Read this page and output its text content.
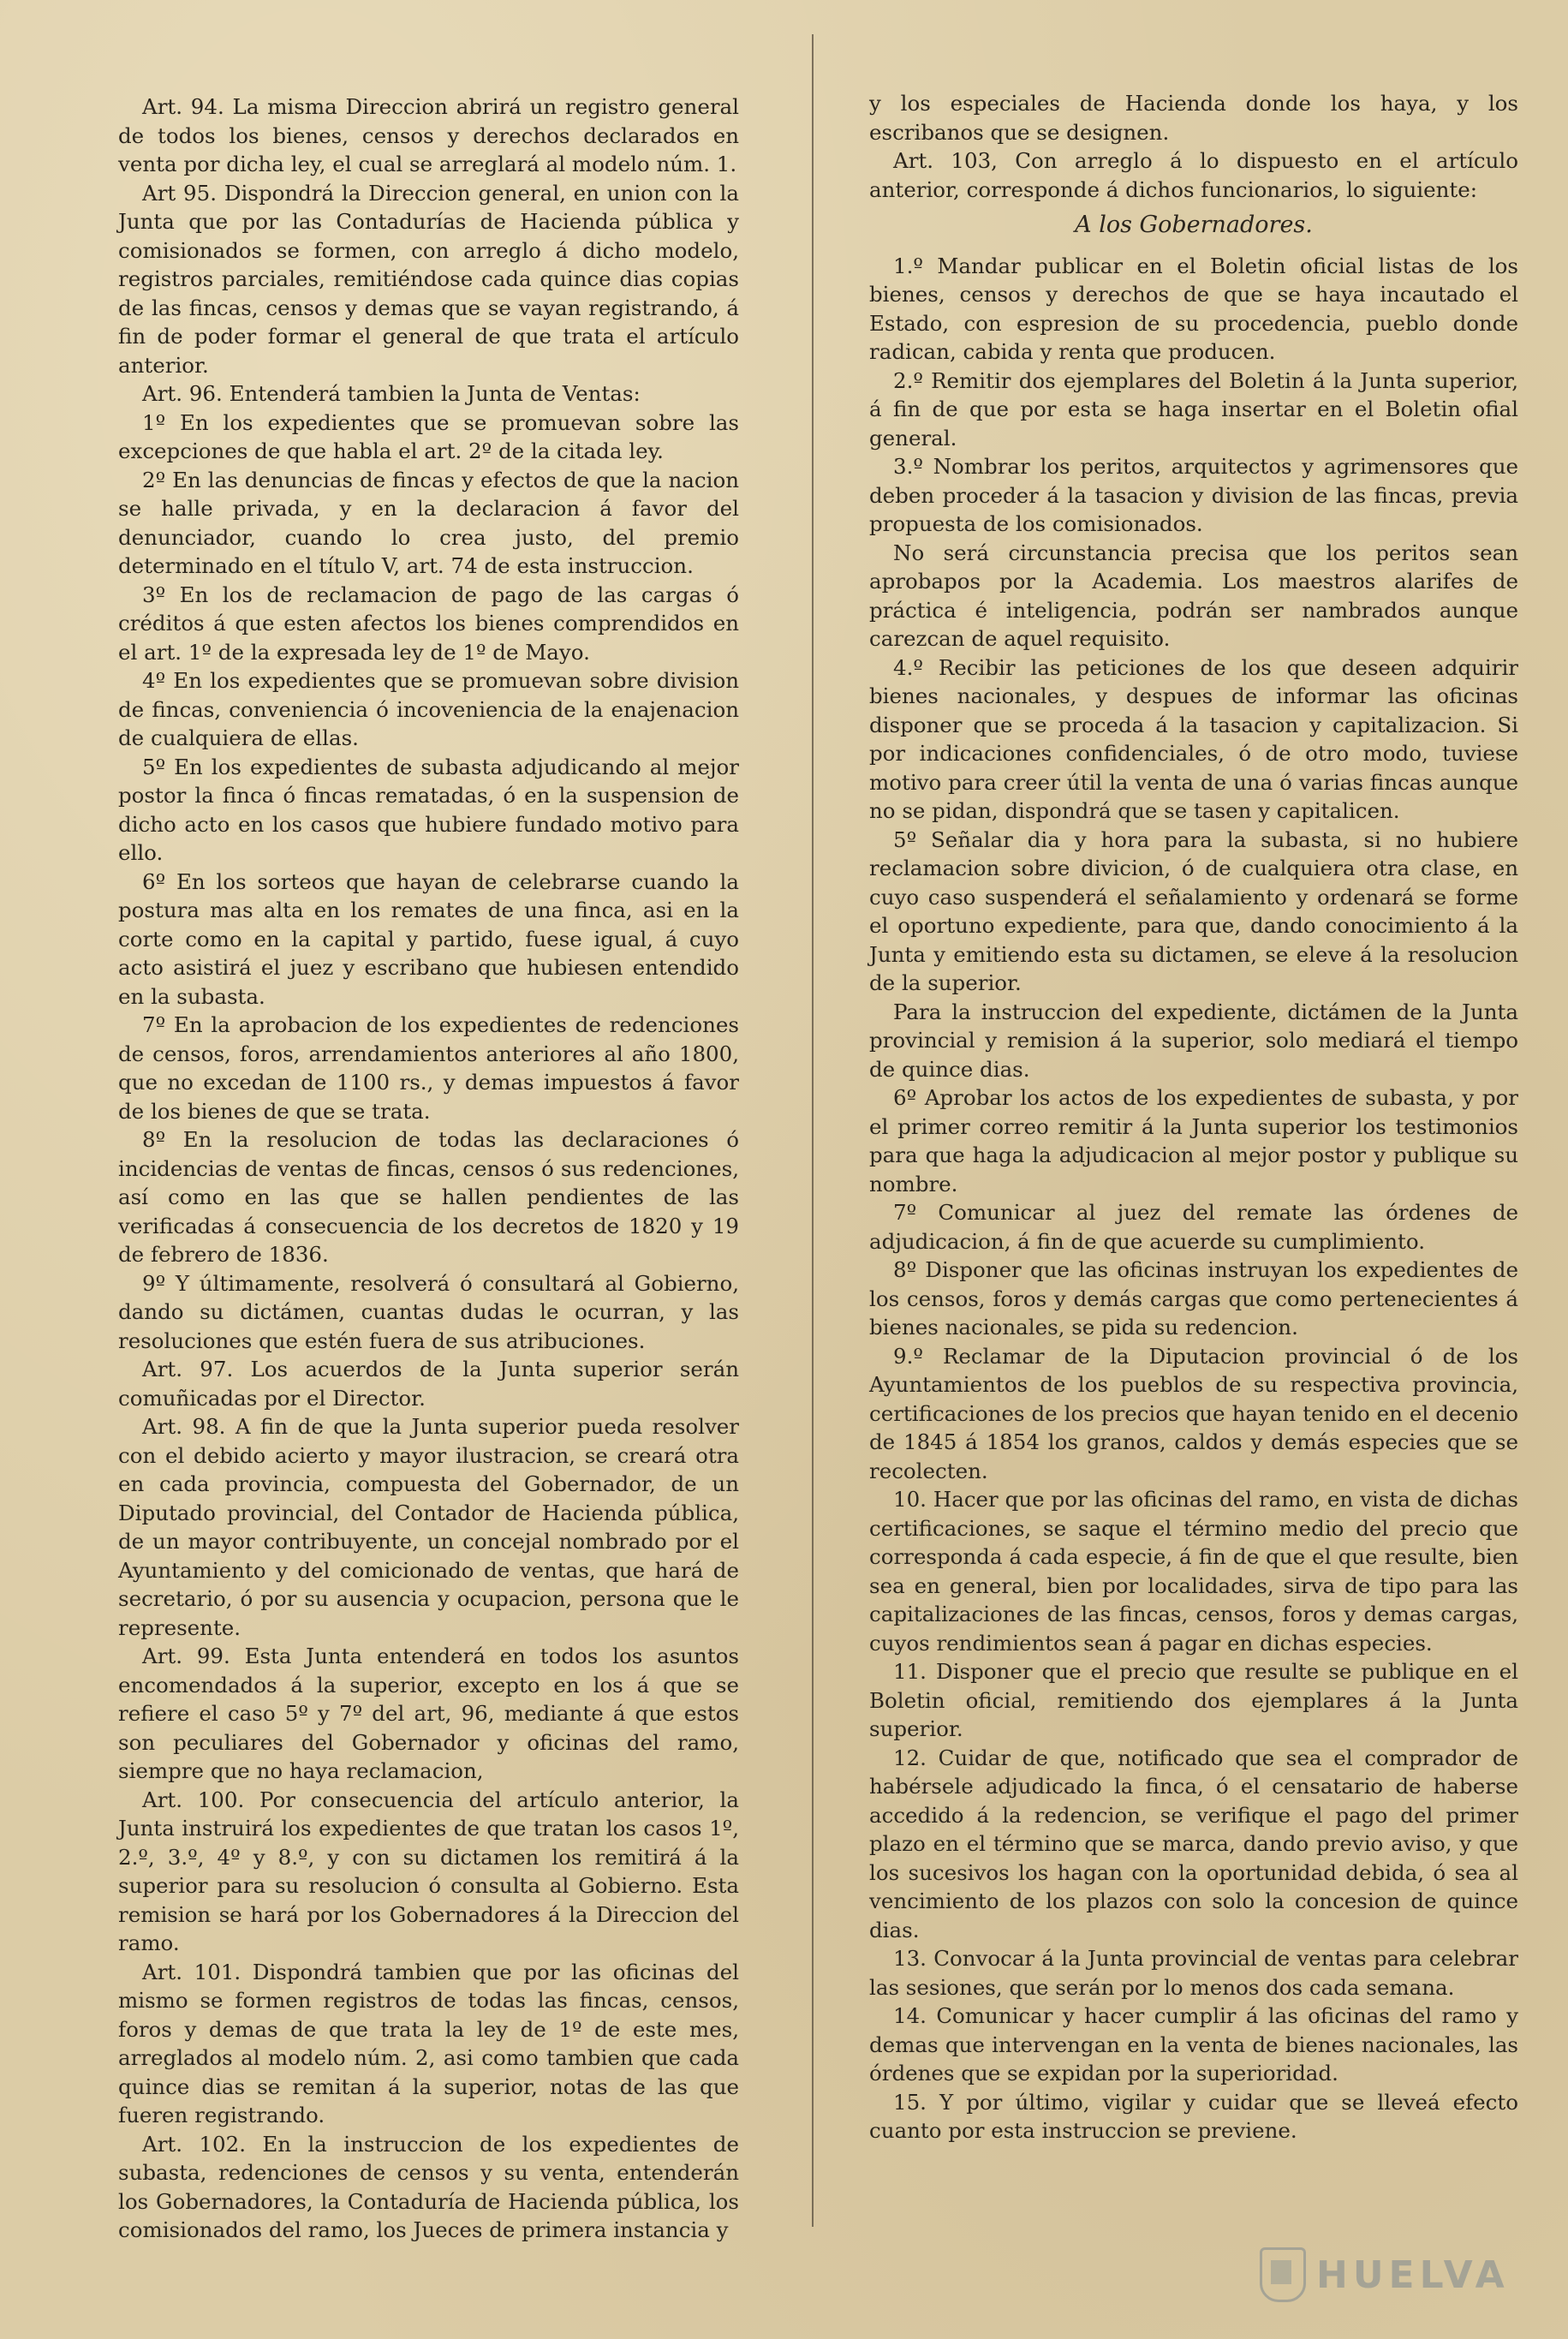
Art. 94. La misma Direccion abrirá un registro general de todos los bienes, censos y derechos declarados en venta por dicha ley, el cual se arreglará al modelo núm. 1.

Art 95. Dispondrá la Direccion general, en union con la Junta que por las Contadurías de Hacienda pública y comisionados se formen, con arreglo á dicho modelo, registros parciales, remitiéndose cada quince dias copias de las fincas, censos y demas que se vayan registrando, á fin de poder formar el general de que trata el artículo anterior.

Art. 96. Entenderá tambien la Junta de Ventas:

1º En los expedientes que se promuevan sobre las excepciones de que habla el art. 2º de la citada ley.

2º En las denuncias de fincas y efectos de que la nacion se halle privada, y en la declaracion á favor del denunciador, cuando lo crea justo, del premio determinado en el título V, art. 74 de esta instruccion.

3º En los de reclamacion de pago de las cargas ó créditos á que esten afectos los bienes comprendidos en el art. 1º de la expresada ley de 1º de Mayo.

4º En los expedientes que se promuevan sobre division de fincas, conveniencia ó incoveniencia de la enajenacion de cualquiera de ellas.

5º En los expedientes de subasta adjudicando al mejor postor la finca ó fincas rematadas, ó en la suspension de dicho acto en los casos que hubiere fundado motivo para ello.

6º En los sorteos que hayan de celebrarse cuando la postura mas alta en los remates de una finca, asi en la corte como en la capital y partido, fuese igual, á cuyo acto asistirá el juez y escribano que hubiesen entendido en la subasta.

7º En la aprobacion de los expedientes de redenciones de censos, foros, arrendamientos anteriores al año 1800, que no excedan de 1100 rs., y demas impuestos á favor de los bienes de que se trata.

8º En la resolucion de todas las declaraciones ó incidencias de ventas de fincas, censos ó sus redenciones, así como en las que se hallen pendientes de las verificadas á consecuencia de los decretos de 1820 y 19 de febrero de 1836.

9º Y últimamente, resolverá ó consultará al Gobierno, dando su dictámen, cuantas dudas le ocurran, y las resoluciones que estén fuera de sus atribuciones.

Art. 97. Los acuerdos de la Junta superior serán comuñicadas por el Director.

Art. 98. A fin de que la Junta superior pueda resolver con el debido acierto y mayor ilustracion, se creará otra en cada provincia, compuesta del Gobernador, de un Diputado provincial, del Contador de Hacienda pública, de un mayor contribuyente, un concejal nombrado por el Ayuntamiento y del comicionado de ventas, que hará de secretario, ó por su ausencia y ocupacion, persona que le represente.

Art. 99. Esta Junta entenderá en todos los asuntos encomendados á la superior, excepto en los á que se refiere el caso 5º y 7º del art, 96, mediante á que estos son peculiares del Gobernador y oficinas del ramo, siempre que no haya reclamacion,

Art. 100. Por consecuencia del artículo anterior, la Junta instruirá los expedientes de que tratan los casos 1º, 2.º, 3.º, 4º y 8.º, y con su dictamen los remitirá á la superior para su resolucion ó consulta al Gobierno. Esta remision se hará por los Gobernadores á la Direccion del ramo.

Art. 101. Dispondrá tambien que por las oficinas del mismo se formen registros de todas las fincas, censos, foros y demas de que trata la ley de 1º de este mes, arreglados al modelo núm. 2, asi como tambien que cada quince dias se remitan á la superior, notas de las que fueren registrando.

Art. 102. En la instruccion de los expedientes de subasta, redenciones de censos y su venta, entenderán los Gobernadores, la Contaduría de Hacienda pública, los comisionados del ramo, los Jueces de primera instancia y

y los especiales de Hacienda donde los haya, y los escribanos que se designen.

Art. 103, Con arreglo á lo dispuesto en el artículo anterior, corresponde á dichos funcionarios, lo siguiente:

A los Gobernadores.

1.º Mandar publicar en el Boletin oficial listas de los bienes, censos y derechos de que se haya incautado el Estado, con espresion de su procedencia, pueblo donde radican, cabida y renta que producen.

2.º Remitir dos ejemplares del Boletin á la Junta superior, á fin de que por esta se haga insertar en el Boletin ofial general.

3.º Nombrar los peritos, arquitectos y agrimensores que deben proceder á la tasacion y division de las fincas, previa propuesta de los comisionados.

No será circunstancia precisa que los peritos sean aprobapos por la Academia. Los maestros alarifes de práctica é inteligencia, podrán ser nambrados aunque carezcan de aquel requisito.

4.º Recibir las peticiones de los que deseen adquirir bienes nacionales, y despues de informar las oficinas disponer que se proceda á la tasacion y capitalizacion. Si por indicaciones confidenciales, ó de otro modo, tuviese motivo para creer útil la venta de una ó varias fincas aunque no se pidan, dispondrá que se tasen y capitalicen.

5º Señalar dia y hora para la subasta, si no hubiere reclamacion sobre divicion, ó de cualquiera otra clase, en cuyo caso suspenderá el señalamiento y ordenará se forme el oportuno expediente, para que, dando conocimiento á la Junta y emitiendo esta su dictamen, se eleve á la resolucion de la superior.

Para la instruccion del expediente, dictámen de la Junta provincial y remision á la superior, solo mediará el tiempo de quince dias.

6º Aprobar los actos de los expedientes de subasta, y por el primer correo remitir á la Junta superior los testimonios para que haga la adjudicacion al mejor postor y publique su nombre.

7º Comunicar al juez del remate las órdenes de adjudicacion, á fin de que acuerde su cumplimiento.

8º Disponer que las oficinas instruyan los expedientes de los censos, foros y demás cargas que como pertenecientes á bienes nacionales, se pida su redencion.

9.º Reclamar de la Diputacion provincial ó de los Ayuntamientos de los pueblos de su respectiva provincia, certificaciones de los precios que hayan tenido en el decenio de 1845 á 1854 los granos, caldos y demás especies que se recolecten.

10. Hacer que por las oficinas del ramo, en vista de dichas certificaciones, se saque el término medio del precio que corresponda á cada especie, á fin de que el que resulte, bien sea en general, bien por localidades, sirva de tipo para las capitalizaciones de las fincas, censos, foros y demas cargas, cuyos rendimientos sean á pagar en dichas especies.

11. Disponer que el precio que resulte se publique en el Boletin oficial, remitiendo dos ejemplares á la Junta superior.

12. Cuidar de que, notificado que sea el comprador de habérsele adjudicado la finca, ó el censatario de haberse accedido á la redencion, se verifique el pago del primer plazo en el término que se marca, dando previo aviso, y que los sucesivos los hagan con la oportunidad debida, ó sea al vencimiento de los plazos con solo la concesion de quince dias.

13. Convocar á la Junta provincial de ventas para celebrar las sesiones, que serán por lo menos dos cada semana.

14. Comunicar y hacer cumplir á las oficinas del ramo y demas que intervengan en la venta de bienes nacionales, las órdenes que se expidan por la superioridad.

15. Y por último, vigilar y cuidar que se lleveá efecto cuanto por esta instruccion se previene.

HUELVA
